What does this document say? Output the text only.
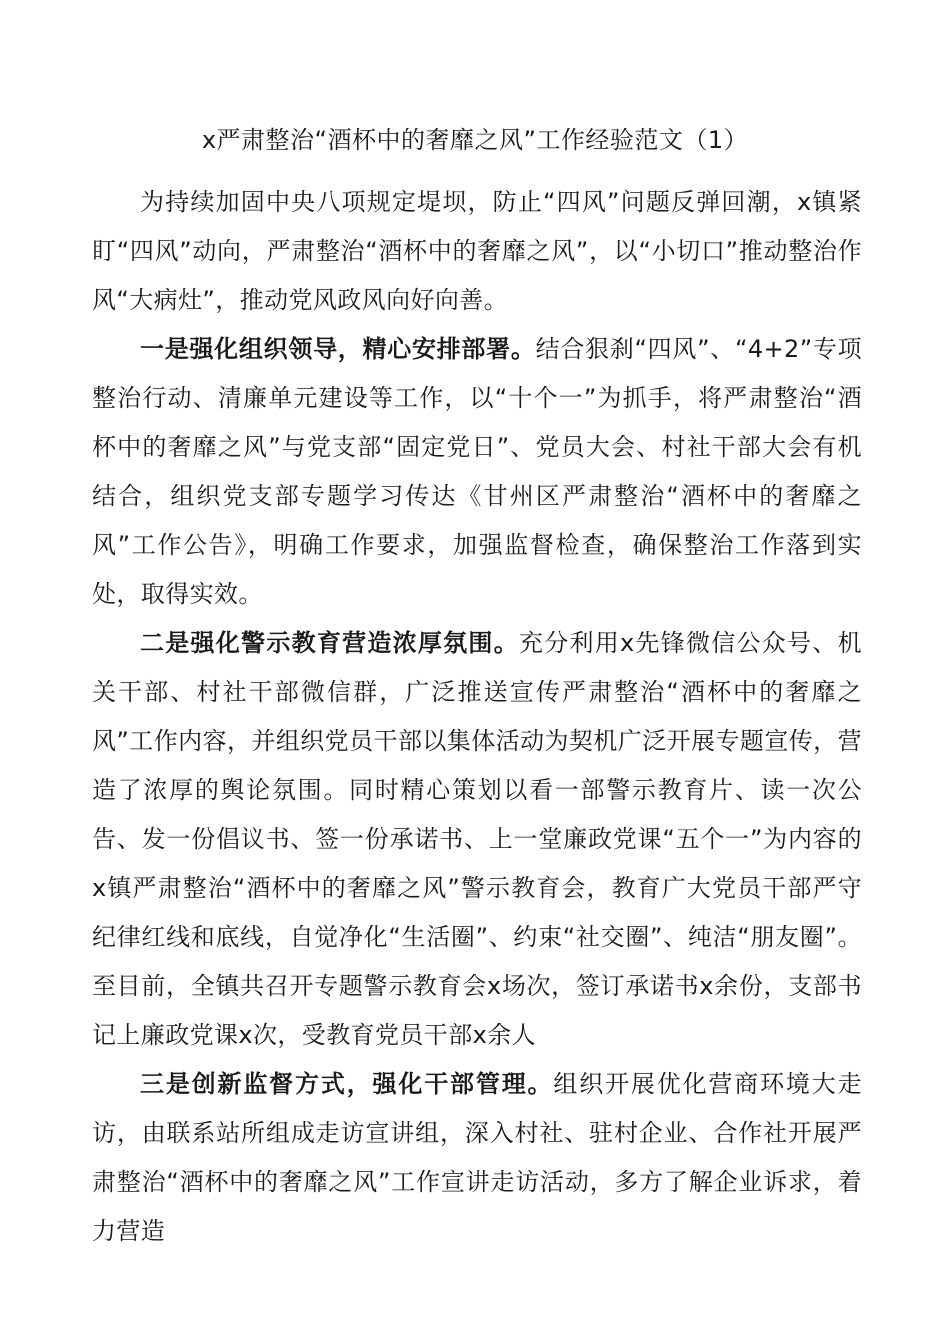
x严肃整治“酒杯中的奢靡之风”工作经验范文（1）

为持续加固中央八项规定堤坝，防止“四风”问题反弹回潮，x镇紧盯“四风”动向，严肃整治“酒杯中的奢靡之风”，以“小切口”推动整治作风“大病灶”，推动党风政风向好向善。

一是强化组织领导，精心安排部署。结合狠刹“四风”、“4+2”专项整治行动、清廉单元建设等工作，以“十个一”为抓手，将严肃整治“酒杯中的奢靡之风”与党支部“固定党日”、党员大会、村社干部大会有机结合，组织党支部专题学习传达《甘州区严肃整治“酒杯中的奢靡之风”工作公告》，明确工作要求，加强监督检查，确保整治工作落到实处，取得实效。

二是强化警示教育营造浓厚氛围。充分利用x先锋微信公众号、机关干部、村社干部微信群，广泛推送宣传严肃整治“酒杯中的奢靡之风”工作内容，并组织党员干部以集体活动为契机广泛开展专题宣传，营造了浓厚的舆论氛围。同时精心策划以看一部警示教育片、读一次公告、发一份倡议书、签一份承诺书、上一堂廉政党课“五个一”为内容的x镇严肃整治“酒杯中的奢靡之风”警示教育会，教育广大党员干部严守纪律红线和底线，自觉净化“生活圈”、约束“社交圈”、纯洁“朋友圈”。至目前，全镇共召开专题警示教育会x场次，签订承诺书x余份，支部书记上廉政党课x次，受教育党员干部x余人

三是创新监督方式，强化干部管理。组织开展优化营商环境大走访，由联系站所组成走访宣讲组，深入村社、驻村企业、合作社开展严肃整治“酒杯中的奢靡之风”工作宣讲走访活动，多方了解企业诉求，着力营造
